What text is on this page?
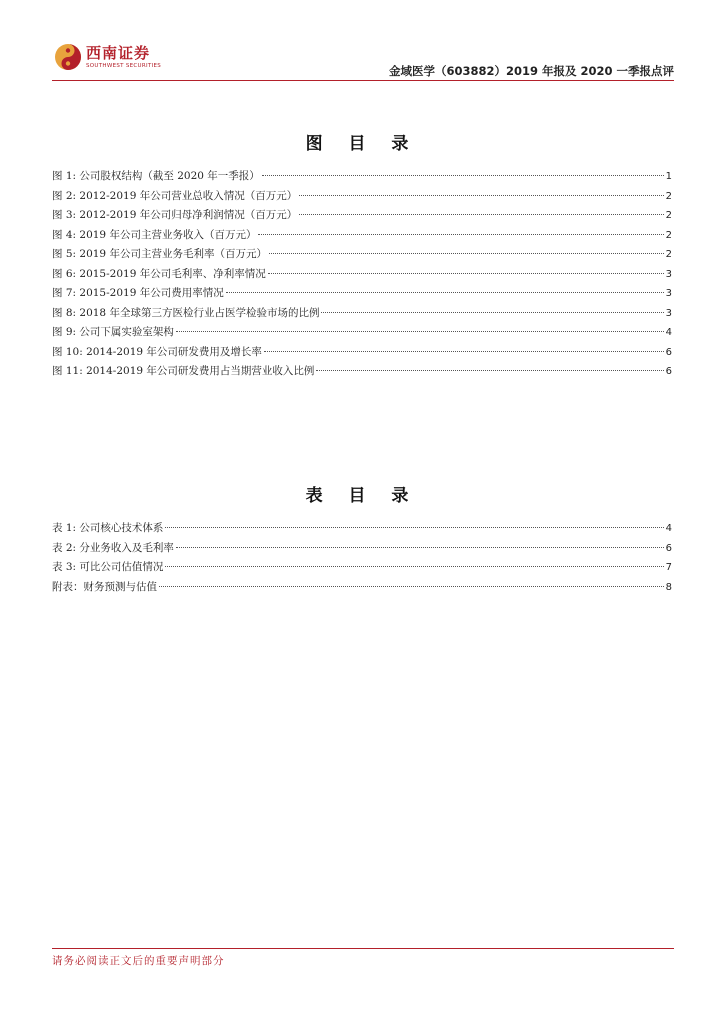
西南证券
SOUTHWEST SECURITIES	金域医学（603882）2019 年报及 2020 一季报点评
图 目 录
图 1: 公司股权结构（截至 2020 年一季报）	1
图 2: 2012-2019 年公司营业总收入情况（百万元）	2
图 3: 2012-2019 年公司归母净利润情况（百万元）	2
图 4: 2019 年公司主营业务收入（百万元）	2
图 5: 2019 年公司主营业务毛利率（百万元）	2
图 6: 2015-2019 年公司毛利率、净利率情况	3
图 7: 2015-2019 年公司费用率情况	3
图 8: 2018 年全球第三方医检行业占医学检验市场的比例	3
图 9: 公司下属实验室架构	4
图 10: 2014-2019 年公司研发费用及增长率	6
图 11: 2014-2019 年公司研发费用占当期营业收入比例	6
表 目 录
表 1: 公司核心技术体系	4
表 2: 分业务收入及毛利率	6
表 3: 可比公司估值情况	7
附表：财务预测与估值	8
请务必阅读正文后的重要声明部分
